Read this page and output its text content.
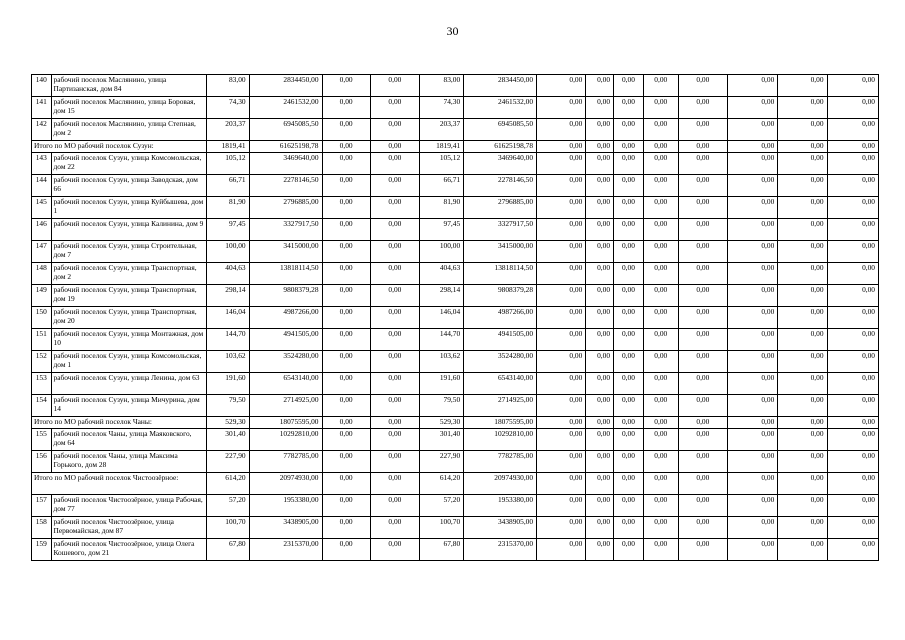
30
140	рабочий поселок Маслянино, улица Партизанская, дом 84	83,00	2834450,00	0,00	0,00	83,00	2834450,00	0,00	0,00	0,00	0,00	0,00	0,00	0,00	0,00
141	рабочий поселок Маслянино, улица Боровая, дом 15	74,30	2461532,00	0,00	0,00	74,30	2461532,00	0,00	0,00	0,00	0,00	0,00	0,00	0,00	0,00
142	рабочий поселок Маслянино, улица Степная, дом 2	203,37	6945085,50	0,00	0,00	203,37	6945085,50	0,00	0,00	0,00	0,00	0,00	0,00	0,00	0,00
Итого по МО рабочий поселок Сузун:		1819,41	61625198,78	0,00	0,00	1819,41	61625198,78	0,00	0,00	0,00	0,00	0,00	0,00	0,00	0,00
143	рабочий поселок Сузун, улица Комсомольская, дом 22	105,12	3469640,00	0,00	0,00	105,12	3469640,00	0,00	0,00	0,00	0,00	0,00	0,00	0,00	0,00
144	рабочий поселок Сузун, улица Заводская, дом 66	66,71	2278146,50	0,00	0,00	66,71	2278146,50	0,00	0,00	0,00	0,00	0,00	0,00	0,00	0,00
145	рабочий поселок Сузун, улица Куйбышева, дом 1	81,90	2796885,00	0,00	0,00	81,90	2796885,00	0,00	0,00	0,00	0,00	0,00	0,00	0,00	0,00
146	рабочий поселок Сузун, улица Калинина, дом 9	97,45	3327917,50	0,00	0,00	97,45	3327917,50	0,00	0,00	0,00	0,00	0,00	0,00	0,00	0,00
147	рабочий поселок Сузун, улица Строительная, дом 7	100,00	3415000,00	0,00	0,00	100,00	3415000,00	0,00	0,00	0,00	0,00	0,00	0,00	0,00	0,00
148	рабочий поселок Сузун, улица Транспортная, дом 2	404,63	13818114,50	0,00	0,00	404,63	13818114,50	0,00	0,00	0,00	0,00	0,00	0,00	0,00	0,00
149	рабочий поселок Сузун, улица Транспортная, дом 19	298,14	9808379,28	0,00	0,00	298,14	9808379,28	0,00	0,00	0,00	0,00	0,00	0,00	0,00	0,00
150	рабочий поселок Сузун, улица Транспортная, дом 20	146,04	4987266,00	0,00	0,00	146,04	4987266,00	0,00	0,00	0,00	0,00	0,00	0,00	0,00	0,00
151	рабочий поселок Сузун, улица Монтажная, дом 10	144,70	4941505,00	0,00	0,00	144,70	4941505,00	0,00	0,00	0,00	0,00	0,00	0,00	0,00	0,00
152	рабочий поселок Сузун, улица Комсомольская, дом 1	103,62	3524280,00	0,00	0,00	103,62	3524280,00	0,00	0,00	0,00	0,00	0,00	0,00	0,00	0,00
153	рабочий поселок Сузун, улица Ленина, дом 63	191,60	6543140,00	0,00	0,00	191,60	6543140,00	0,00	0,00	0,00	0,00	0,00	0,00	0,00	0,00
154	рабочий поселок Сузун, улица Мичурина, дом 14	79,50	2714925,00	0,00	0,00	79,50	2714925,00	0,00	0,00	0,00	0,00	0,00	0,00	0,00	0,00
Итого по МО рабочий поселок Чаны:		529,30	18075595,00	0,00	0,00	529,30	18075595,00	0,00	0,00	0,00	0,00	0,00	0,00	0,00	0,00
155	рабочий поселок Чаны, улица Маяковского, дом 64	301,40	10292810,00	0,00	0,00	301,40	10292810,00	0,00	0,00	0,00	0,00	0,00	0,00	0,00	0,00
156	рабочий поселок Чаны, улица Максима Горького, дом 28	227,90	7782785,00	0,00	0,00	227,90	7782785,00	0,00	0,00	0,00	0,00	0,00	0,00	0,00	0,00
Итого по МО рабочий поселок Чистоозёрное:		614,20	20974930,00	0,00	0,00	614,20	20974930,00	0,00	0,00	0,00	0,00	0,00	0,00	0,00	0,00
157	рабочий поселок Чистоозёрное, улица Рабочая, дом 77	57,20	1953380,00	0,00	0,00	57,20	1953380,00	0,00	0,00	0,00	0,00	0,00	0,00	0,00	0,00
158	рабочий поселок Чистоозёрное, улица Первомайская, дом 87	100,70	3438905,00	0,00	0,00	100,70	3438905,00	0,00	0,00	0,00	0,00	0,00	0,00	0,00	0,00
159	рабочий поселок Чистоозёрное, улица Олега Кошевого, дом 21	67,80	2315370,00	0,00	0,00	67,80	2315370,00	0,00	0,00	0,00	0,00	0,00	0,00	0,00	0,00
